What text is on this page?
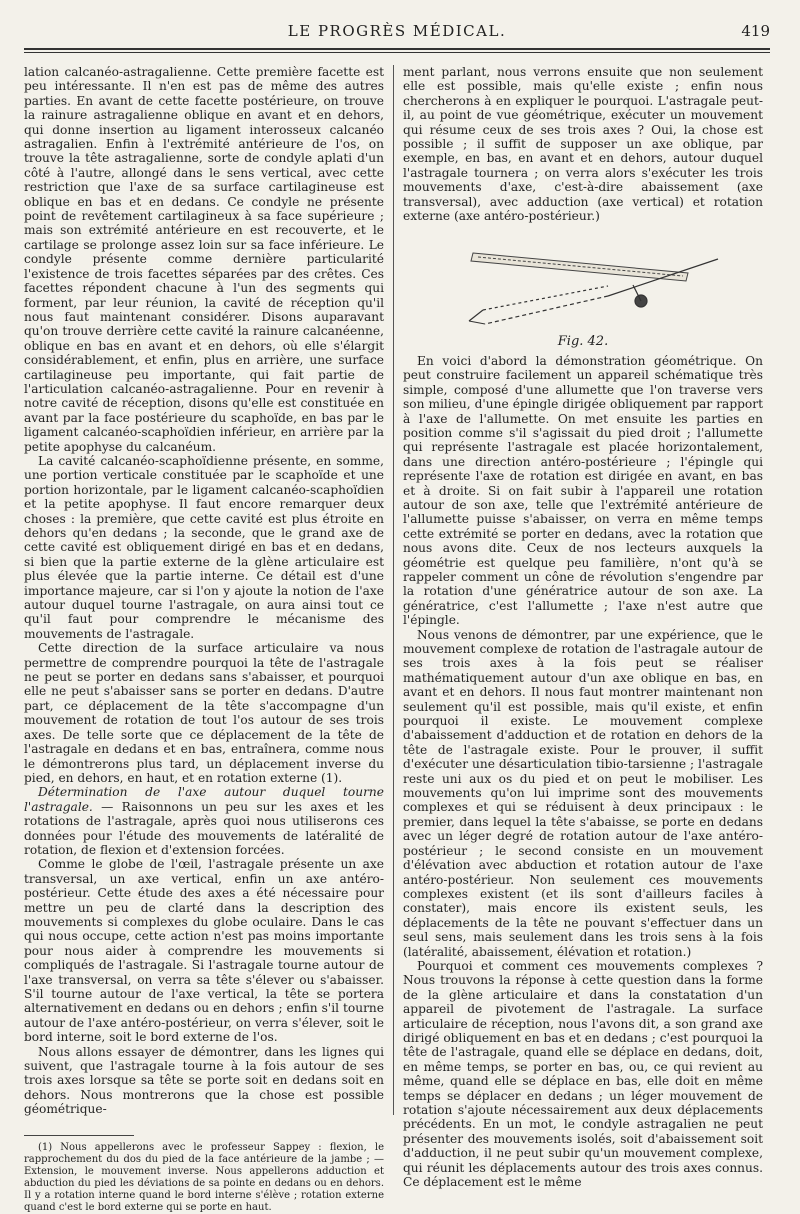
LE PROGRÈS MÉDICAL.	419

lation calcanéo-astragalienne. Cette première facette est peu intéressante. Il n'en est pas de même des autres parties. En avant de cette facette postérieure, on trouve la rainure astragalienne oblique en avant et en dehors, qui donne insertion au ligament interosseux calcanéo astragalien. Enfin à l'extrémité antérieure de l'os, on trouve la tête astragalienne, sorte de condyle aplati d'un côté à l'autre, allongé dans le sens vertical, avec cette restriction que l'axe de sa surface cartilagineuse est oblique en bas et en dedans. Ce condyle ne présente point de revêtement cartilagineux à sa face supérieure ; mais son extrémité antérieure en est recouverte, et le cartilage se prolonge assez loin sur sa face inférieure. Le condyle présente comme dernière particularité l'existence de trois facettes séparées par des crêtes. Ces facettes répondent chacune à l'un des segments qui forment, par leur réunion, la cavité de réception qu'il nous faut maintenant considérer. Disons auparavant qu'on trouve derrière cette cavité la rainure calcanéenne, oblique en bas en avant et en dehors, où elle s'élargit considérablement, et enfin, plus en arrière, une surface cartilagineuse peu importante, qui fait partie de l'articulation calcanéo-astragalienne. Pour en revenir à notre cavité de réception, disons qu'elle est constituée en avant par la face postérieure du scaphoïde, en bas par le ligament calcanéo-scaphoïdien inférieur, en arrière par la petite apophyse du calcanéum.

La cavité calcanéo-scaphoïdienne présente, en somme, une portion verticale constituée par le scaphoïde et une portion horizontale, par le ligament calcanéo-scaphoïdien et la petite apophyse. Il faut encore remarquer deux choses : la première, que cette cavité est plus étroite en dehors qu'en dedans ; la seconde, que le grand axe de cette cavité est obliquement dirigé en bas et en dedans, si bien que la partie externe de la glène articulaire est plus élevée que la partie interne. Ce détail est d'une importance majeure, car si l'on y ajoute la notion de l'axe autour duquel tourne l'astragale, on aura ainsi tout ce qu'il faut pour comprendre le mécanisme des mouvements de l'astragale.

Cette direction de la surface articulaire va nous permettre de comprendre pourquoi la tête de l'astragale ne peut se porter en dedans sans s'abaisser, et pourquoi elle ne peut s'abaisser sans se porter en dedans. D'autre part, ce déplacement de la tête s'accompagne d'un mouvement de rotation de tout l'os autour de ses trois axes. De telle sorte que ce déplacement de la tête de l'astragale en dedans et en bas, entraînera, comme nous le démontrerons plus tard, un déplacement inverse du pied, en dehors, en haut, et en rotation externe (1).

Détermination de l'axe autour duquel tourne l'astragale. — Raisonnons un peu sur les axes et les rotations de l'astragale, après quoi nous utiliserons ces données pour l'étude des mouvements de latéralité de rotation, de flexion et d'extension forcées.

Comme le globe de l'œil, l'astragale présente un axe transversal, un axe vertical, enfin un axe antéro-postérieur. Cette étude des axes a été nécessaire pour mettre un peu de clarté dans la description des mouvements si complexes du globe oculaire. Dans le cas qui nous occupe, cette action n'est pas moins importante pour nous aider à comprendre les mouvements si compliqués de l'astragale. Si l'astragale tourne autour de l'axe transversal, on verra sa tête s'élever ou s'abaisser. S'il tourne autour de l'axe vertical, la tête se portera alternativement en dedans ou en dehors ; enfin s'il tourne autour de l'axe antéro-postérieur, on verra s'élever, soit le bord interne, soit le bord externe de l'os.

Nous allons essayer de démontrer, dans les lignes qui suivent, que l'astragale tourne à la fois autour de ses trois axes lorsque sa tête se porte soit en dedans soit en dehors. Nous montrerons que la chose est possible géométrique-

(1) Nous appellerons avec le professeur Sappey : flexion, le rapprochement du dos du pied de la face antérieure de la jambe ; — Extension, le mouvement inverse. Nous appellerons adduction et abduction du pied les déviations de sa pointe en dedans ou en dehors. Il y a rotation interne quand le bord interne s'élève ; rotation externe quand c'est le bord externe qui se porte en haut.

ment parlant, nous verrons ensuite que non seulement elle est possible, mais qu'elle existe ; enfin nous chercherons à en expliquer le pourquoi. L'astragale peut-il, au point de vue géométrique, exécuter un mouvement qui résume ceux de ses trois axes ? Oui, la chose est possible ; il suffit de supposer un axe oblique, par exemple, en bas, en avant et en dehors, autour duquel l'astragale tournera ; on verra alors s'exécuter les trois mouvements d'axe, c'est-à-dire abaissement (axe transversal), avec adduction (axe vertical) et rotation externe (axe antéro-postérieur.)

Fig. 42.

En voici d'abord la démonstration géométrique. On peut construire facilement un appareil schématique très simple, composé d'une allumette que l'on traverse vers son milieu, d'une épingle dirigée obliquement par rapport à l'axe de l'allumette. On met ensuite les parties en position comme s'il s'agissait du pied droit ; l'allumette qui représente l'astragale est placée horizontalement, dans une direction antéro-postérieure ; l'épingle qui représente l'axe de rotation est dirigée en avant, en bas et à droite. Si on fait subir à l'appareil une rotation autour de son axe, telle que l'extrémité antérieure de l'allumette puisse s'abaisser, on verra en même temps cette extrémité se porter en dedans, avec la rotation que nous avons dite. Ceux de nos lecteurs auxquels la géométrie est quelque peu familière, n'ont qu'à se rappeler comment un cône de révolution s'engendre par la rotation d'une génératrice autour de son axe. La génératrice, c'est l'allumette ; l'axe n'est autre que l'épingle.

Nous venons de démontrer, par une expérience, que le mouvement complexe de rotation de l'astragale autour de ses trois axes à la fois peut se réaliser mathématiquement autour d'un axe oblique en bas, en avant et en dehors. Il nous faut montrer maintenant non seulement qu'il est possible, mais qu'il existe, et enfin pourquoi il existe. Le mouvement complexe d'abaissement d'adduction et de rotation en dehors de la tête de l'astragale existe. Pour le prouver, il suffit d'exécuter une désarticulation tibio-tarsienne ; l'astragale reste uni aux os du pied et on peut le mobiliser. Les mouvements qu'on lui imprime sont des mouvements complexes et qui se réduisent à deux principaux : le premier, dans lequel la tête s'abaisse, se porte en dedans avec un léger degré de rotation autour de l'axe antéro-postérieur ; le second consiste en un mouvement d'élévation avec abduction et rotation autour de l'axe antéro-postérieur. Non seulement ces mouvements complexes existent (et ils sont d'ailleurs faciles à constater), mais encore ils existent seuls, les déplacements de la tête ne pouvant s'effectuer dans un seul sens, mais seulement dans les trois sens à la fois (latéralité, abaissement, élévation et rotation.)

Pourquoi et comment ces mouvements complexes ? Nous trouvons la réponse à cette question dans la forme de la glène articulaire et dans la constatation d'un appareil de pivotement de l'astragale. La surface articulaire de réception, nous l'avons dit, a son grand axe dirigé obliquement en bas et en dedans ; c'est pourquoi la tête de l'astragale, quand elle se déplace en dedans, doit, en même temps, se porter en bas, ou, ce qui revient au même, quand elle se déplace en bas, elle doit en même temps se déplacer en dedans ; un léger mouvement de rotation s'ajoute nécessairement aux deux déplacements précédents. En un mot, le condyle astragalien ne peut présenter des mouvements isolés, soit d'abaissement soit d'adduction, il ne peut subir qu'un mouvement complexe, qui réunit les déplacements autour des trois axes connus. Ce déplacement est le même
